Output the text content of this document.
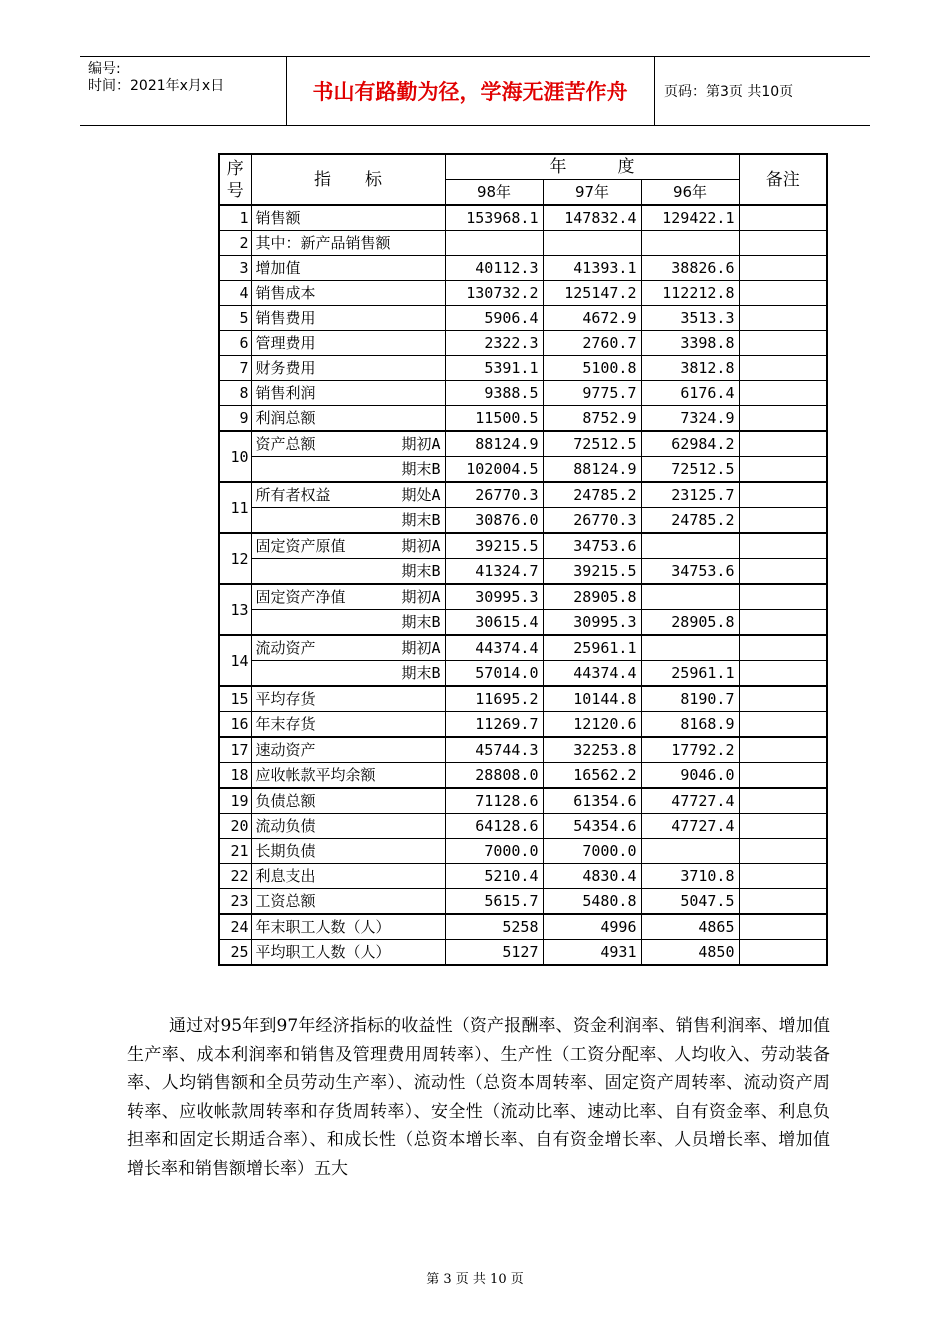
编号:
时间：2021年x月x日	书山有路勤为径，学海无涯苦作舟	页码：第3页 共10页
序号	指　　标	年　　　度			备注
		98年	97年	96年	
1	销售额	153968.1	147832.4	129422.1	
2	其中：新产品销售额				
3	增加值	40112.3	41393.1	38826.6	
4	销售成本	130732.2	125147.2	112212.8	
5	销售费用	5906.4	4672.9	3513.3	
6	管理费用	2322.3	2760.7	3398.8	
7	财务费用	5391.1	5100.8	3812.8	
8	销售利润	9388.5	9775.7	6176.4	
9	利润总额	11500.5	8752.9	7324.9	
10	资产总额 期初A	88124.9	72512.5	62984.2	
	期末B	102004.5	88124.9	72512.5	
11	所有者权益 期处A	26770.3	24785.2	23125.7	
	期末B	30876.0	26770.3	24785.2	
12	固定资产原值 期初A	39215.5	34753.6		
	期末B	41324.7	39215.5	34753.6	
13	固定资产净值 期初A	30995.3	28905.8		
	期末B	30615.4	30995.3	28905.8	
14	流动资产 期初A	44374.4	25961.1		
	期末B	57014.0	44374.4	25961.1	
15	平均存货	11695.2	10144.8	8190.7	
16	年末存货	11269.7	12120.6	8168.9	
17	速动资产	45744.3	32253.8	17792.2	
18	应收帐款平均余额	28808.0	16562.2	9046.0	
19	负债总额	71128.6	61354.6	47727.4	
20	流动负债	64128.6	54354.6	47727.4	
21	长期负债	7000.0	7000.0		
22	利息支出	5210.4	4830.4	3710.8	
23	工资总额	5615.7	5480.8	5047.5	
24	年末职工人数（人）	5258	4996	4865	
25	平均职工人数（人）	5127	4931	4850	
通过对95年到97年经济指标的收益性（资产报酬率、资金利润率、销售利润率、增加值生产率、成本利润率和销售及管理费用周转率）、生产性（工资分配率、人均收入、劳动装备率、人均销售额和全员劳动生产率）、流动性（总资本周转率、固定资产周转率、流动资产周转率、应收帐款周转率和存货周转率）、安全性（流动比率、速动比率、自有资金率、利息负担率和固定长期适合率）、和成长性（总资本增长率、自有资金增长率、人员增长率、增加值增长率和销售额增长率）五大
第 3 页 共 10 页
